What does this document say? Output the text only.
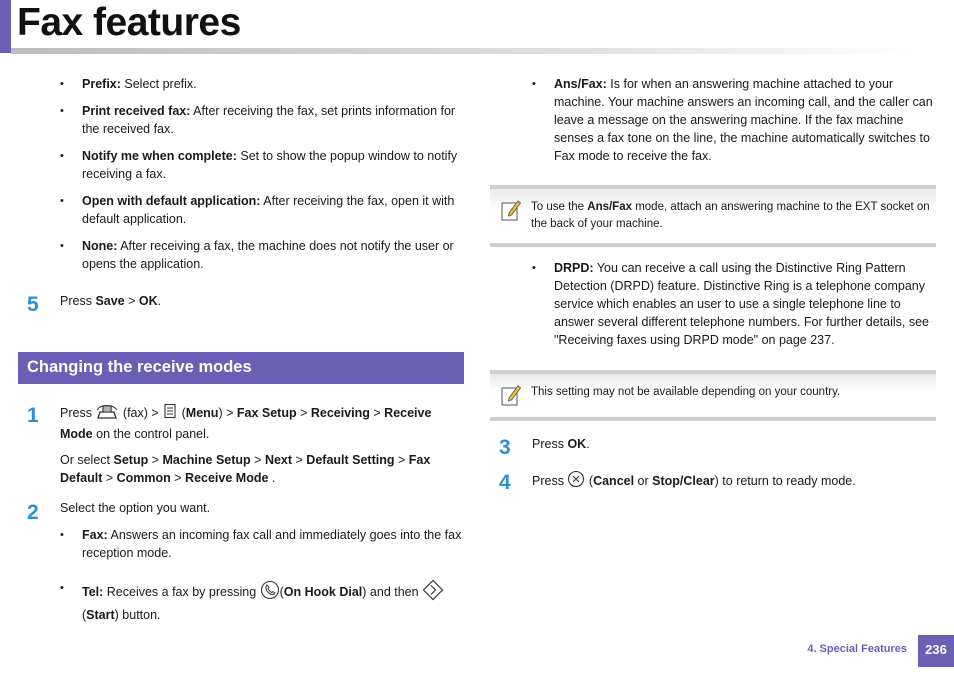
Fax features
• Prefix: Select prefix.
• Print received fax: After receiving the fax, set prints information for the received fax.
• Notify me when complete: Set to show the popup window to notify receiving a fax.
• Open with default application: After receiving the fax, open it with default application.
• None: After receiving a fax, the machine does not notify the user or opens the application.
5 Press Save > OK.
Changing the receive modes
1 Press  (fax) >  (Menu) > Fax Setup > Receiving > Receive Mode on the control panel.
Or select Setup > Machine Setup > Next > Default Setting > Fax Default > Common > Receive Mode .
2 Select the option you want.
• Fax: Answers an incoming fax call and immediately goes into the fax reception mode.
• Tel: Receives a fax by pressing (On Hook Dial) and then
(Start) button.
• Ans/Fax: Is for when an answering machine attached to your machine. Your machine answers an incoming call, and the caller can leave a message on the answering machine. If the fax machine senses a fax tone on the line, the machine automatically switches to Fax mode to receive the fax.
To use the Ans/Fax mode, attach an answering machine to the EXT socket on the back of your machine.
• DRPD: You can receive a call using the Distinctive Ring Pattern Detection (DRPD) feature. Distinctive Ring is a telephone company service which enables an user to use a single telephone line to answer several different telephone numbers. For further details, see "Receiving faxes using DRPD mode" on page 237.
This setting may not be available depending on your country.
3 Press OK.
4 Press  (Cancel or Stop/Clear) to return to ready mode.
4. Special Features	236
